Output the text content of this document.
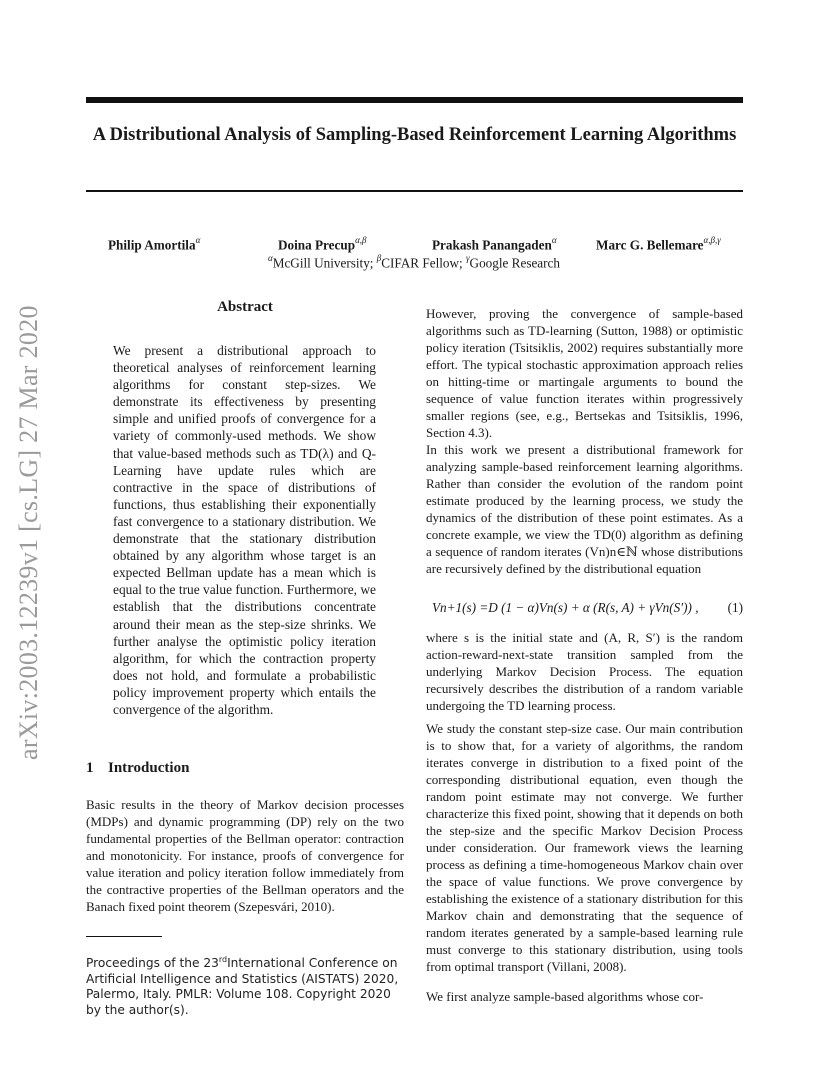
A Distributional Analysis of Sampling-Based Reinforcement Learning Algorithms
Philip Amortila$^\alpha$	Doina Precup$^{\alpha,\beta}$	Prakash Panangaden$^\alpha$	Marc G. Bellemare$^{\alpha,\beta,\gamma}$
$^\alpha$McGill University; $^\beta$CIFAR Fellow; $^\gamma$Google Research
arXiv:2003.12239v1 [cs.LG] 27 Mar 2020	Abstract

We present a distributional approach to theoretical analyses of reinforcement learning algorithms for constant step-sizes. We demonstrate its effectiveness by presenting simple and unified proofs of convergence for a variety of commonly-used methods. We show that value-based methods such as TD(λ) and Q-Learning have update rules which are contractive in the space of distributions of functions, thus establishing their exponentially fast convergence to a stationary distribution. We demonstrate that the stationary distribution obtained by any algorithm whose target is an expected Bellman update has a mean which is equal to the true value function. Furthermore, we establish that the distributions concentrate around their mean as the step-size shrinks. We further analyse the optimistic policy iteration algorithm, for which the contraction property does not hold, and formulate a probabilistic policy improvement property which entails the convergence of the algorithm.

1 Introduction

Basic results in the theory of Markov decision processes (MDPs) and dynamic programming (DP) rely on the two fundamental properties of the Bellman operator: contraction and monotonicity. For instance, proofs of convergence for value iteration and policy iteration follow immediately from the contractive properties of the Bellman operators and the Banach fixed point theorem (Szepesvári, 2010).

Proceedings of the 23rdInternational Conference on Artificial Intelligence and Statistics (AISTATS) 2020, Palermo, Italy. PMLR: Volume 108. Copyright 2020 by the author(s).

However, proving the convergence of sample-based algorithms such as TD-learning (Sutton, 1988) or optimistic policy iteration (Tsitsiklis, 2002) requires substantially more effort. The typical stochastic approximation approach relies on hitting-time or martingale arguments to bound the sequence of value function iterates within progressively smaller regions (see, e.g., Bertsekas and Tsitsiklis, 1996, Section 4.3).

In this work we present a distributional framework for analyzing sample-based reinforcement learning algorithms. Rather than consider the evolution of the random point estimate produced by the learning process, we study the dynamics of the distribution of these point estimates. As a concrete example, we view the TD(0) algorithm as defining a sequence of random iterates (Vn)n∈ℕ whose distributions are recursively defined by the distributional equation

Vn+1(s) =D (1 − α)Vn(s) + α (R(s, A) + γVn(S′)) , (1)

where s is the initial state and (A, R, S′) is the random action-reward-next-state transition sampled from the underlying Markov Decision Process. The equation recursively describes the distribution of a random variable undergoing the TD learning process.

We study the constant step-size case. Our main contribution is to show that, for a variety of algorithms, the random iterates converge in distribution to a fixed point of the corresponding distributional equation, even though the random point estimate may not converge. We further characterize this fixed point, showing that it depends on both the step-size and the specific Markov Decision Process under consideration. Our framework views the learning process as defining a time-homogeneous Markov chain over the space of value functions. We prove convergence by establishing the existence of a stationary distribution for this Markov chain and demonstrating that the sequence of random iterates generated by a sample-based learning rule must converge to this stationary distribution, using tools from optimal transport (Villani, 2008).

We first analyze sample-based algorithms whose cor-
